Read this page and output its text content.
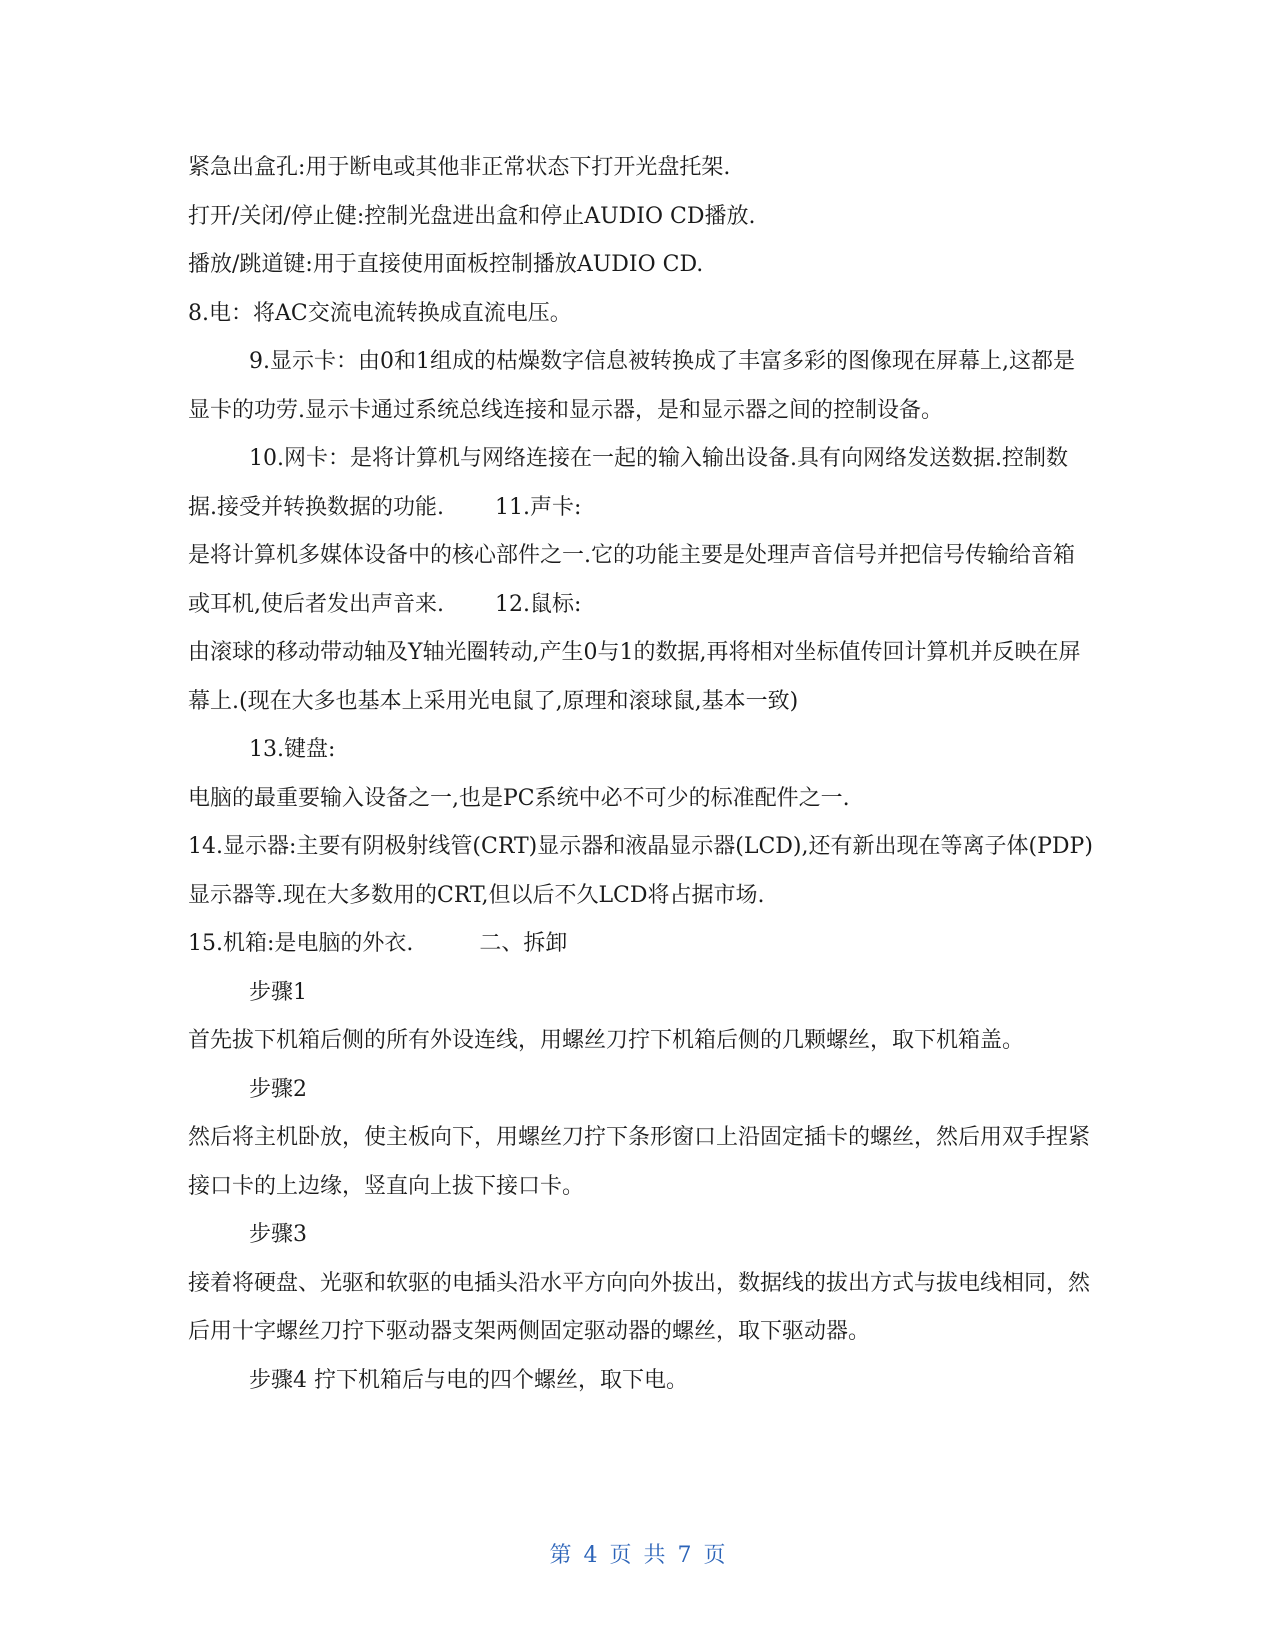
紧急出盒孔:用于断电或其他非正常状态下打开光盘托架.

打开/关闭/停止健:控制光盘进出盒和停止AUDIO CD播放.

播放/跳道键:用于直接使用面板控制播放AUDIO CD.

8.电：将AC交流电流转换成直流电压。

9.显示卡：由0和1组成的枯燥数字信息被转换成了丰富多彩的图像现在屏幕上,这都是显卡的功劳.显示卡通过系统总线连接和显示器，是和显示器之间的控制设备。

10.网卡：是将计算机与网络连接在一起的输入输出设备.具有向网络发送数据.控制数据.接受并转换数据的功能.　　 11.声卡:

是将计算机多媒体设备中的核心部件之一.它的功能主要是处理声音信号并把信号传输给音箱或耳机,使后者发出声音来.　　 12.鼠标:

由滚球的移动带动轴及Y轴光圈转动,产生0与1的数据,再将相对坐标值传回计算机并反映在屏幕上.(现在大多也基本上采用光电鼠了,原理和滚球鼠,基本一致)

13.键盘:

电脑的最重要输入设备之一,也是PC系统中必不可少的标准配件之一.

14.显示器:主要有阴极射线管(CRT)显示器和液晶显示器(LCD),还有新出现在等离子体(PDP)显示器等.现在大多数用的CRT,但以后不久LCD将占据市场.

15.机箱:是电脑的外衣.　　　二、拆卸

步骤1

首先拔下机箱后侧的所有外设连线，用螺丝刀拧下机箱后侧的几颗螺丝，取下机箱盖。

步骤2

然后将主机卧放，使主板向下，用螺丝刀拧下条形窗口上沿固定插卡的螺丝，然后用双手捏紧接口卡的上边缘，竖直向上拔下接口卡。

步骤3

接着将硬盘、光驱和软驱的电插头沿水平方向向外拔出，数据线的拔出方式与拔电线相同，然后用十字螺丝刀拧下驱动器支架两侧固定驱动器的螺丝，取下驱动器。

步骤4 拧下机箱后与电的四个螺丝，取下电。

第 4 页 共 7 页
